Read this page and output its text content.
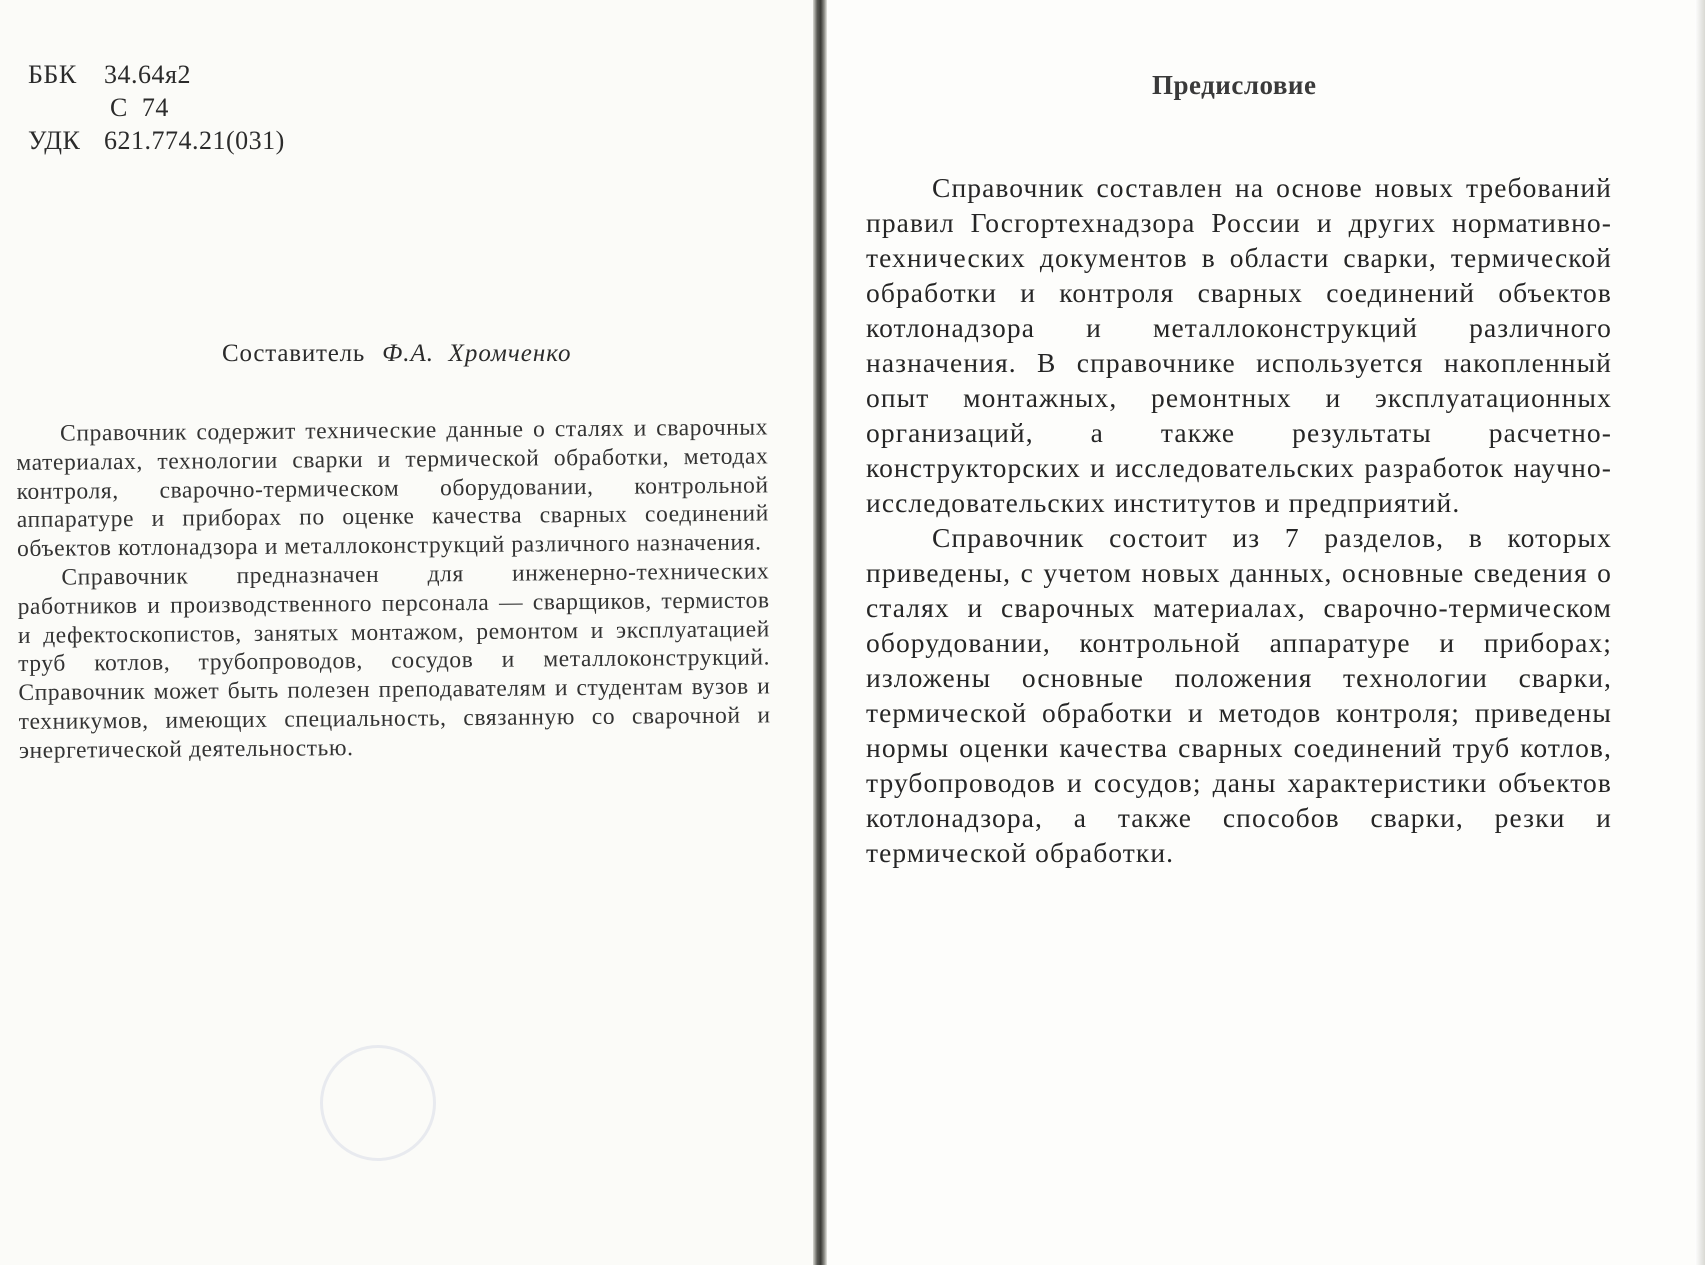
ББК	34.64я2
С  74
УДК 621.774.21(031)
Составитель Ф.А.  Хромченко

Справочник содержит технические данные о сталях и сварочных материалах, технологии сварки и термической обработки, методах контроля, сварочно-термическом оборудовании, контрольной аппаратуре и приборах по оценке качества сварных соединений объектов котлонадзора и металлоконструкций различного назначения.

Справочник предназначен для инженерно-технических работников и производственного персонала — сварщиков, термистов и дефектоскопистов, занятых монтажом, ремонтом и эксплуатацией труб котлов, трубопроводов, сосудов и металлоконструкций. Справочник может быть полезен преподавателям и студентам вузов и техникумов, имеющих специальность, связанную со сварочной и энергетической деятельностью.

Предисловие

Справочник составлен на основе новых требований правил Госгортехнадзора России и других нормативно-технических документов в области сварки, термической обработки и контроля сварных соединений объектов котлонадзора и металлоконструкций различного назначения. В справочнике используется накопленный опыт монтажных, ремонтных и эксплуатационных организаций, а также результаты расчетно-конструкторских и исследовательских разработок научно-исследовательских институтов и предприятий.

Справочник состоит из 7 разделов, в которых приведены, с учетом новых данных, основные сведения о сталях и сварочных материалах, сварочно-термическом оборудовании, контрольной аппаратуре и приборах; изложены основные положения технологии сварки, термической обработки и методов контроля; приведены нормы оценки качества сварных соединений труб котлов, трубопроводов и сосудов; даны характеристики объектов котлонадзора, а также способов сварки, резки и термической обработки.
